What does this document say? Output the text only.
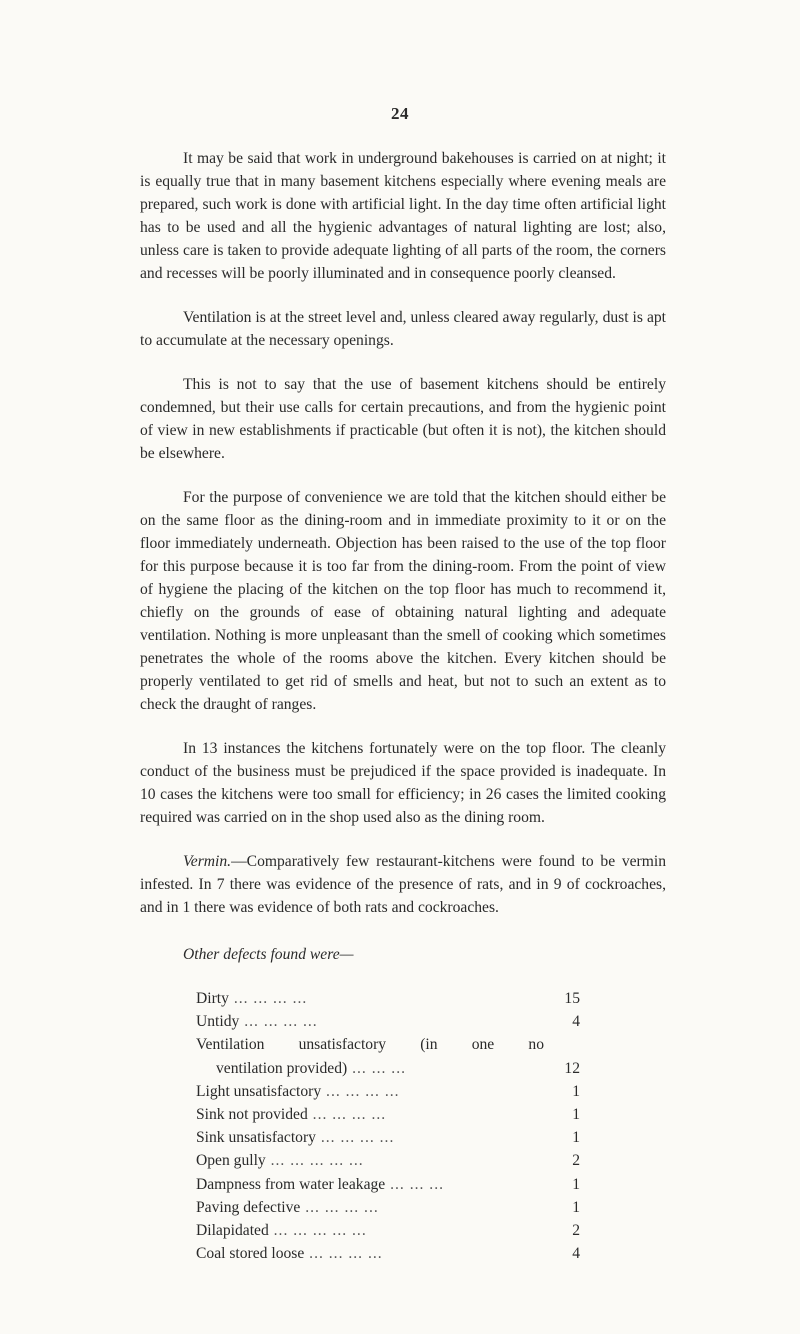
24

It may be said that work in underground bakehouses is carried on at night; it is equally true that in many basement kitchens especially where evening meals are prepared, such work is done with artificial light. In the day time often artificial light has to be used and all the hygienic advantages of natural lighting are lost; also, unless care is taken to provide adequate lighting of all parts of the room, the corners and recesses will be poorly illuminated and in consequence poorly cleansed.

Ventilation is at the street level and, unless cleared away regularly, dust is apt to accumulate at the necessary openings.

This is not to say that the use of basement kitchens should be entirely condemned, but their use calls for certain precautions, and from the hygienic point of view in new establishments if practicable (but often it is not), the kitchen should be elsewhere.

For the purpose of convenience we are told that the kitchen should either be on the same floor as the dining-room and in immediate proximity to it or on the floor immediately underneath. Objection has been raised to the use of the top floor for this purpose because it is too far from the dining-room. From the point of view of hygiene the placing of the kitchen on the top floor has much to recommend it, chiefly on the grounds of ease of obtaining natural lighting and adequate ventilation. Nothing is more unpleasant than the smell of cooking which sometimes penetrates the whole of the rooms above the kitchen. Every kitchen should be properly ventilated to get rid of smells and heat, but not to such an extent as to check the draught of ranges.

In 13 instances the kitchens fortunately were on the top floor. The cleanly conduct of the business must be prejudiced if the space provided is inadequate. In 10 cases the kitchens were too small for efficiency; in 26 cases the limited cooking required was carried on in the shop used also as the dining room.

Vermin.—Comparatively few restaurant-kitchens were found to be vermin infested. In 7 there was evidence of the presence of rats, and in 9 of cockroaches, and in 1 there was evidence of both rats and cockroaches.

Other defects found were—

Dirty ... ... ... ...	15
Untidy ... ... ... ...	4
Ventilation unsatisfactory (in one no
ventilation provided) ... ... ...	12
Light unsatisfactory ... ... ... ...	1
Sink not provided ... ... ... ...	1
Sink unsatisfactory ... ... ... ...	1
Open gully ... ... ... ... ...	2
Dampness from water leakage ... ... ...	1
Paving defective ... ... ... ...	1
Dilapidated ... ... ... ... ...	2
Coal stored loose ... ... ... ...	4
